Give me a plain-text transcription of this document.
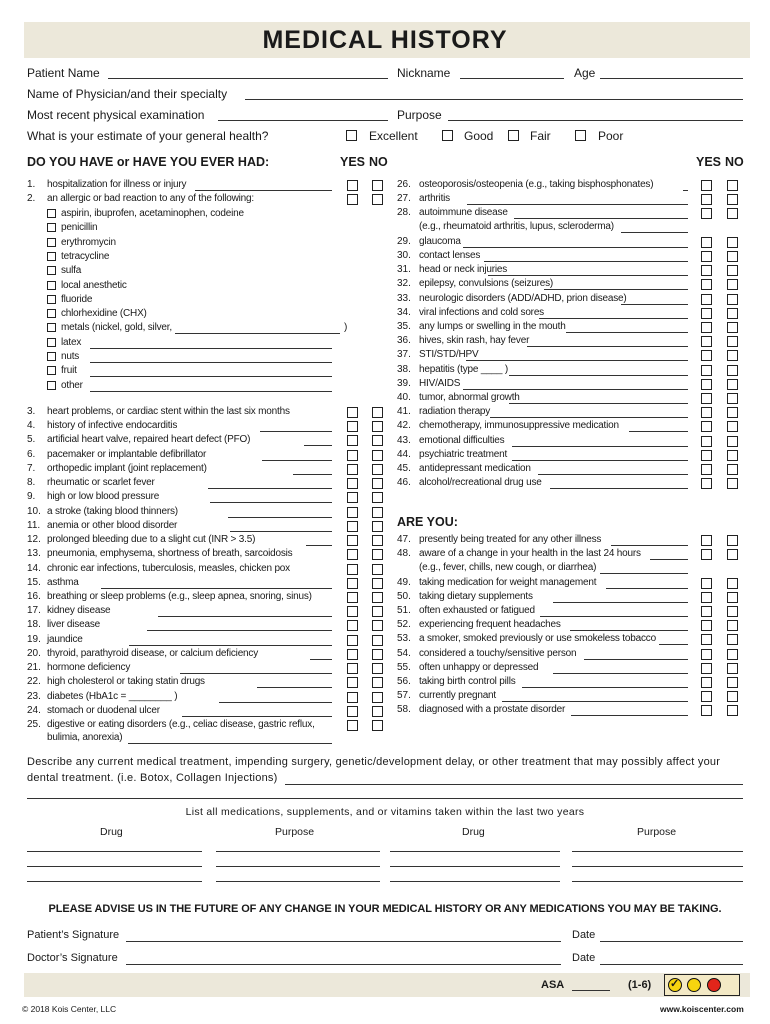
MEDICAL HISTORY
Patient Name	Nickname	Age
Name of Physician/and their specialty
Most recent physical examination	Purpose
What is your estimate of your general health?	Excellent	Good	Fair	Poor
DO YOU HAVE or HAVE YOU EVER HAD:	YES NO	YES NO
ARE YOU:
Describe any current medical treatment, impending surgery, genetic/development delay, or other treatment that may possibly affect your
dental treatment. (i.e. Botox, Collagen Injections)
List all medications, supplements, and or vitamins taken within the last two years
Drug	Purpose	Drug	Purpose
PLEASE ADVISE US IN THE FUTURE OF ANY CHANGE IN YOUR MEDICAL HISTORY OR ANY MEDICATIONS YOU MAY BE TAKING.
Patient’s Signature	Date
Doctor’s Signature	Date
ASA	(1-6) ✓
© 2018 Kois Center, LLC	www.koiscenter.com
1.	hospitalization for illness or injury
2.	an allergic or bad reaction to any of the following:
aspirin, ibuprofen, acetaminophen, codeine
penicillin
erythromycin
tetracycline
sulfa
local anesthetic
fluoride
chlorhexidine (CHX)
metals (nickel, gold, silver,	)
latex
nuts
fruit
other
3.	heart problems, or cardiac stent within the last six months
4.	history of infective endocarditis
5.	artificial heart valve, repaired heart defect (PFO)
6.	pacemaker or implantable defibrillator
7.	orthopedic implant (joint replacement)
8.	rheumatic or scarlet fever
9.	high or low blood pressure
10. a stroke (taking blood thinners)
11. anemia or other blood disorder
12. prolonged bleeding due to a slight cut (INR > 3.5)
13. pneumonia, emphysema, shortness of breath, sarcoidosis
14. chronic ear infections, tuberculosis, measles, chicken pox
15. asthma
16. breathing or sleep problems (e.g., sleep apnea, snoring, sinus)
17. kidney disease
18. liver disease
19. jaundice
20. thyroid, parathyroid disease, or calcium deficiency
21. hormone deficiency
22. high cholesterol or taking statin drugs
23. diabetes (HbA1c = ________ )
24. stomach or duodenal ulcer
25. digestive or eating disorders (e.g., celiac disease, gastric reflux,
bulimia, anorexia)
26. osteoporosis/osteopenia (e.g., taking bisphosphonates)
27. arthritis
28. autoimmune disease
(e.g., rheumatoid arthritis, lupus, scleroderma)
29. glaucoma
30. contact lenses
31. head or neck injuries
32. epilepsy, convulsions (seizures)
33. neurologic disorders (ADD/ADHD, prion disease)
34. viral infections and cold sores
35. any lumps or swelling in the mouth
36. hives, skin rash, hay fever
37. STI/STD/HPV
38. hepatitis (type ____ )
39. HIV/AIDS
40. tumor, abnormal growth
41. radiation therapy
42. chemotherapy, immunosuppressive medication
43. emotional difficulties
44. psychiatric treatment
45. antidepressant medication
46. alcohol/recreational drug use
47. presently being treated for any other illness
48. aware of a change in your health in the last 24 hours
(e.g., fever, chills, new cough, or diarrhea)
49. taking medication for weight management
50. taking dietary supplements
51. often exhausted or fatigued
52. experiencing frequent headaches
53. a smoker, smoked previously or use smokeless tobacco
54. considered a touchy/sensitive person
55. often unhappy or depressed
56. taking birth control pills
57. currently pregnant
58. diagnosed with a prostate disorder
